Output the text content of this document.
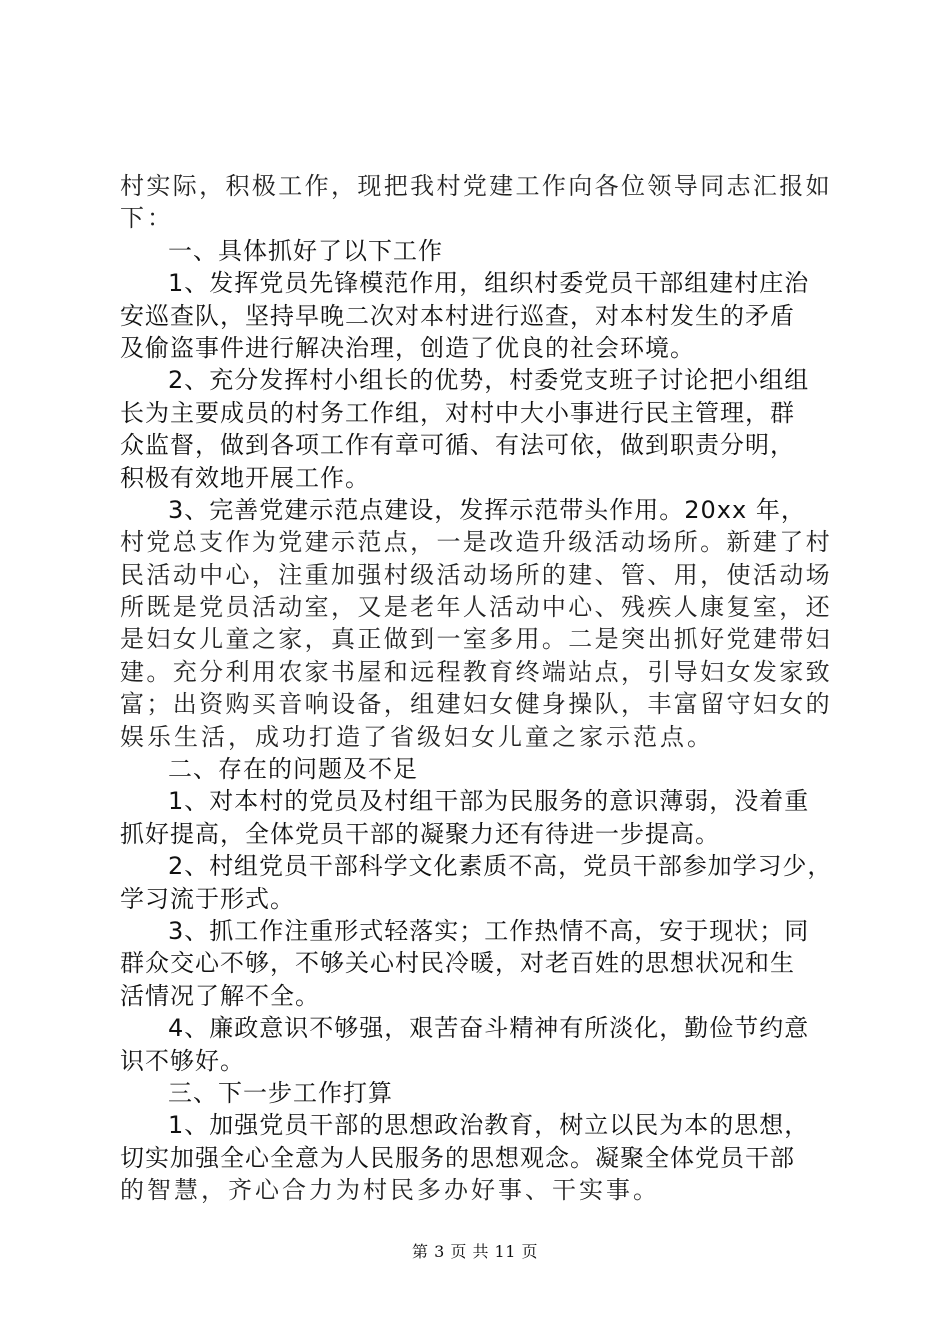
村实际，积极工作，现把我村党建工作向各位领导同志汇报如
下：
一、具体抓好了以下工作
1、发挥党员先锋模范作用，组织村委党员干部组建村庄治
安巡查队，坚持早晚二次对本村进行巡查，对本村发生的矛盾
及偷盗事件进行解决治理，创造了优良的社会环境。
2、充分发挥村小组长的优势，村委党支班子讨论把小组组
长为主要成员的村务工作组，对村中大小事进行民主管理，群
众监督，做到各项工作有章可循、有法可依，做到职责分明，
积极有效地开展工作。
3、完善党建示范点建设，发挥示范带头作用。20xx 年，
村党总支作为党建示范点，一是改造升级活动场所。新建了村
民活动中心，注重加强村级活动场所的建、管、用，使活动场
所既是党员活动室，又是老年人活动中心、残疾人康复室，还
是妇女儿童之家，真正做到一室多用。二是突出抓好党建带妇
建。充分利用农家书屋和远程教育终端站点，引导妇女发家致
富；出资购买音响设备，组建妇女健身操队，丰富留守妇女的
娱乐生活，成功打造了省级妇女儿童之家示范点。
二、存在的问题及不足
1、对本村的党员及村组干部为民服务的意识薄弱，没着重
抓好提高，全体党员干部的凝聚力还有待进一步提高。
2、村组党员干部科学文化素质不高，党员干部参加学习少，
学习流于形式。
3、抓工作注重形式轻落实；工作热情不高，安于现状；同
群众交心不够，不够关心村民冷暖，对老百姓的思想状况和生
活情况了解不全。
4、廉政意识不够强，艰苦奋斗精神有所淡化，勤俭节约意
识不够好。
三、下一步工作打算
1、加强党员干部的思想政治教育，树立以民为本的思想，
切实加强全心全意为人民服务的思想观念。凝聚全体党员干部
的智慧，齐心合力为村民多办好事、干实事。
第 3 页 共 11 页
